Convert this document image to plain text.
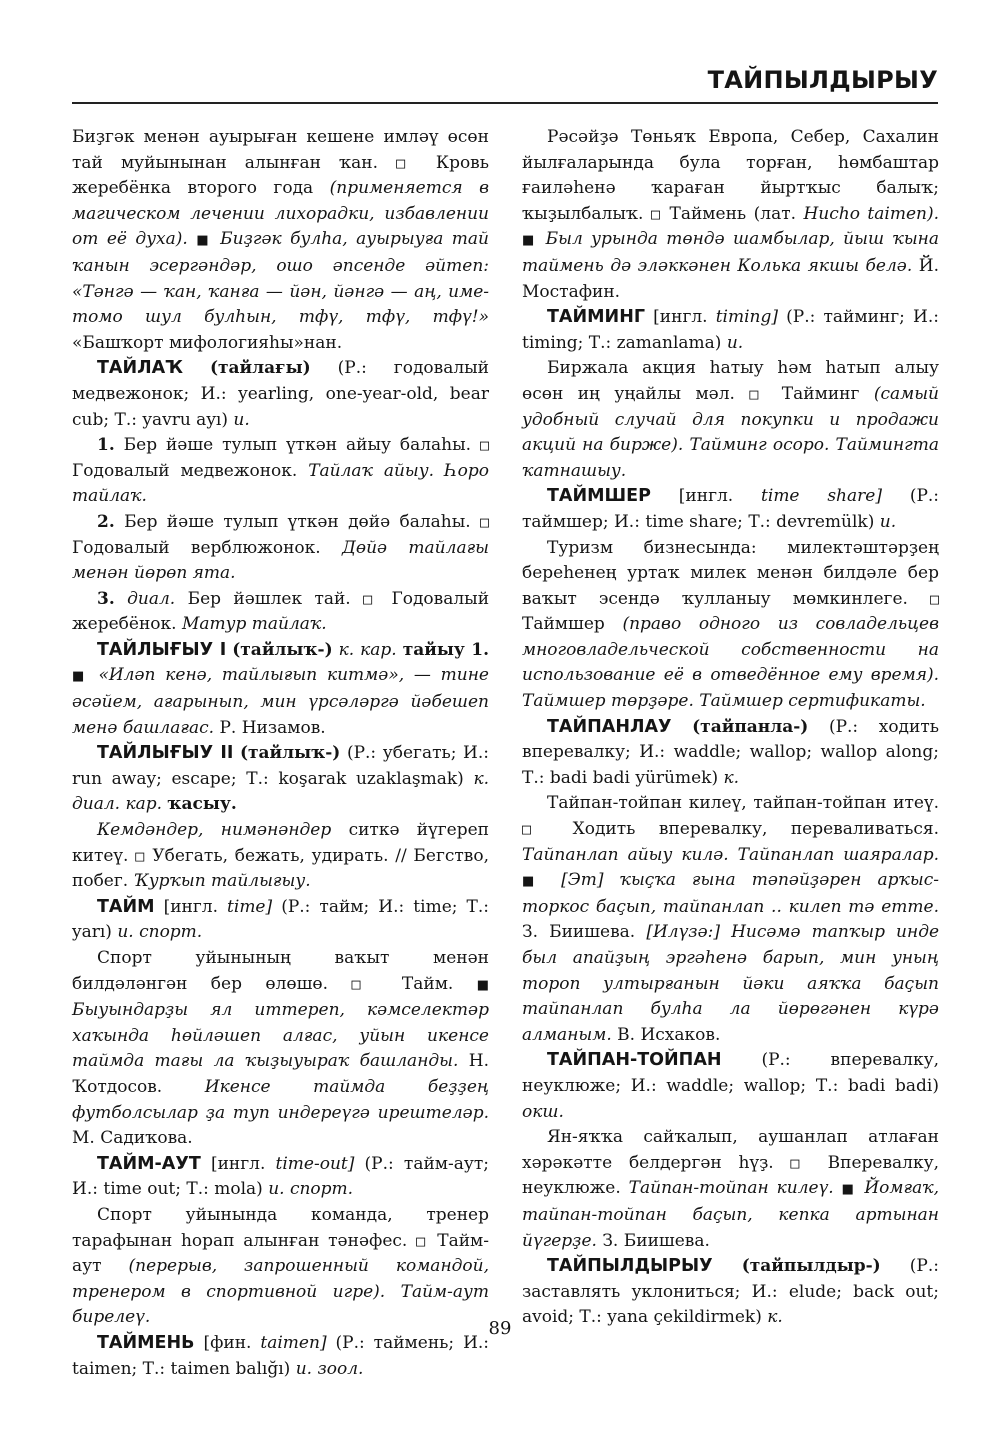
ТАЙПЫЛДЫРЫУ

Биҙгәк менән ауырыған кешене имләү өсөн тай муйынынан алынған ҡан. □ Кровь жеребёнка второго года (применяется в магическом лечении лихорадки, избавлении от её духа). ■ Биҙгәк булһа, ауырыуға тай ҡанын эсергәндәр, ошо әпсенде әйтеп: «Тәнгә — ҡан, ҡанға — йән, йәнгә — аң, име-томо шул булһын, тфү, тфү, тфү!» «Башҡорт мифологияһы»нан.

ТАЙЛАҠ (тайлағы) (Р.: годовалый медвежонок; И.: yearling, one-year-old, bear cub; Т.: yavru ayı) и.

1. Бер йәше тулып үткән айыу балаһы. □ Годовалый медвежонок. Тайлаҡ айыу. Һоро тайлаҡ.

2. Бер йәше тулып үткән дөйә балаһы. □ Годовалый верблюжонок. Дөйә тайлағы менән йөрөп ята.

3. диал. Бер йәшлек тай. □ Годовалый жеребёнок. Матур тайлаҡ.

ТАЙЛЫҒЫУ I (тайлыҡ-) к. кар. тайыу 1. ■ «Иләп кенә, тайлығып китмә», — тине әсәйем, ағарынып, мин үрсәләргә йәбешеп менә башлағас. Р. Низамов.

ТАЙЛЫҒЫУ II (тайлыҡ-) (Р.: убегать; И.: run away; escape; Т.: koşarak uzaklaşmak) к. диал. кар. ҡасыу.

Кемдәндер, нимәнәндер ситкә йүгереп китеү. □ Убегать, бежать, удирать. // Бегство, побег. Ҡурҡып тайлығыу.

ТАЙМ [ингл. time] (Р.: тайм; И.: time; Т.: yarı) и. спорт.

Спорт уйынының ваҡыт менән билдәләнгән бер өлөшө. □ Тайм. ■ Быуындарҙы ял иттереп, кәмселектәр хаҡында һөйләшеп алғас, уйын икенсе таймда тағы ла ҡыҙыуыраҡ башланды. Н. Ҡотдосов.	Икенсе таймда беҙҙең футболсылар ҙа туп индереүгә ирештеләр. М. Садиҡова.

ТАЙМ-АУТ [ингл. time-out] (Р.: тайм-аут; И.: time out; Т.: mola) и. спорт.

Спорт уйынында команда, тренер тарафынан һорап алынған тәнәфес. □ Тайм-аут (перерыв, запрошенный командой, тренером в спортивной игре). Тайм-аут бирелеү.

ТАЙМЕНЬ [фин. taimen] (Р.: таймень; И.: taimen; Т.: taimen balığı) и. зоол.

Рәсәйҙә Төньяҡ Европа, Себер, Сахалин йылғаларында була торған, һөмбаштар ғаиләһенә ҡараған йыртҡыс балыҡ; ҡыҙылбалыҡ. □ Таймень (лат. Hucho taimen). ■ Был урында төндә шамбылар, йыш ҡына таймень дә эләккәнен Колька якшы белә. Й. Мостафин.

ТАЙМИНГ [ингл. timing] (Р.: тайминг; И.: timing; Т.: zamanlama) и.

Биржала акция һатыу һәм һатып алыу өсөн иң уңайлы мәл. □ Тайминг (самый удобный случай для покупки и продажи акций на бирже). Тайминг осоро. Таймингта ҡатнашыу.

ТАЙМШЕР [ингл. time share] (Р.: таймшер; И.: time share; Т.: devremülk) и.

Туризм бизнесында: милектәштәрҙең береһенең уртаҡ милек менән билдәле бер ваҡыт эсендә ҡулланыу мөмкинлеге. □ Таймшер (право одного из совладельцев многовладельческой собственности на использование её в отведённое ему время). Таймшер төрҙәре. Таймшер сертификаты.

ТАЙПАНЛАУ (тайпанла-) (Р.: ходить вперевалку; И.: waddle; wallop; wallop along; Т.: badi badi yürümek) к.

Тайпан-тойпан килеү, тайпан-тойпан итеү. □ Ходить вперевалку, переваливаться. Тайпанлап айыу килә. Тайпанлап шаяралар. ■ [Эт] ҡыҫҡа ғына тәпәйҙәрен арҡыс-торкос баҫып, тайпанлап .. килеп тә етте. З. Биишева. [Илүзә:] Нисәмә тапҡыр инде был апайҙың эргәһенә барып, мин уның тороп ултырғанын йәки аяҡҡа баҫып тайпанлап булһа ла йөрөгәнен күрә алманым. В. Исхаков.

ТАЙПАН-ТОЙПАН (Р.: вперевалку, неуклюже; И.: waddle; wallop; Т.: badi badi) окш.

Ян-яҡҡа сайҡалып, аушанлап атлаған хәрәкәтте белдергән һүҙ. □ Вперевалку, неуклюже. Тайпан-тойпан килеү. ■ Йомғаҡ, тайпан-тойпан баҫып, кепка артынан йүгерҙе. З. Биишева.

ТАЙПЫЛДЫРЫУ (тайпылдыр-) (Р.: заставлять уклониться; И.: elude; back out; avoid; Т.: yana çekildirmek) к.

89
